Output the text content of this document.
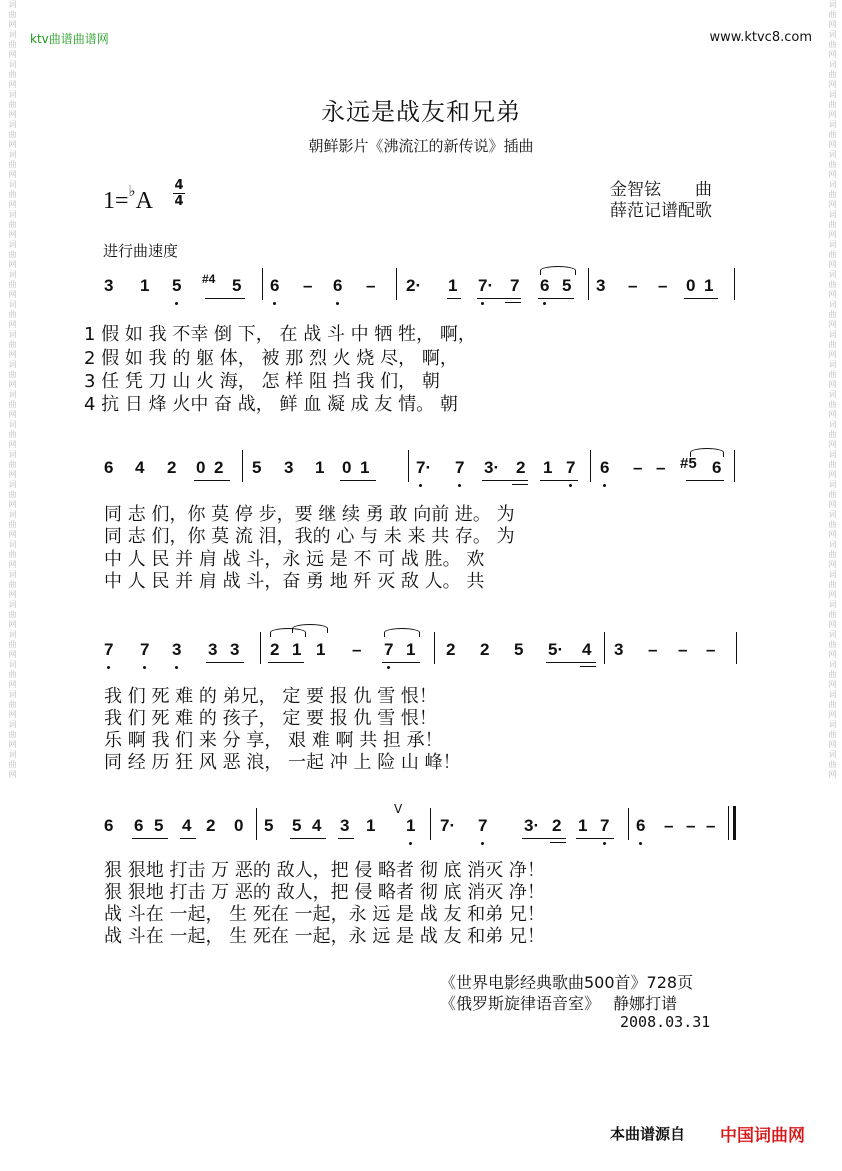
词曲网词曲网词曲网词曲网词曲网词曲网词曲网词曲网词曲网词曲网词曲网词曲网词曲网词曲网词曲网词曲网词曲网词曲网词曲网词曲网词曲网词曲网词曲网词曲网词曲网词曲网	词曲网词曲网词曲网词曲网词曲网词曲网词曲网词曲网词曲网词曲网词曲网词曲网词曲网词曲网词曲网词曲网词曲网词曲网词曲网词曲网词曲网词曲网词曲网词曲网词曲网词曲网
ktv曲谱曲谱网	www.ktvc8.com
永远是战友和兄弟
朝鲜影片《沸流江的新传说》插曲
1=♭A
4
4
金智铉　　曲
薛范记谱配歌
进行曲速度
3 1 5 #4 5 6 – 6 – 2· 1 7· 7 6 5 3 – – 0 1
1 假 如 我 不幸 倒 下， 在 战 斗 中 牺 牲， 啊，
2 假 如 我 的 躯 体， 被 那 烈 火 烧 尽， 啊，
3 任 凭 刀 山 火 海， 怎 样 阻 挡 我 们， 朝
4 抗 日 烽 火中 奋 战， 鲜 血 凝 成 友 情。 朝
6 4 2 0 2 5 3 1 0 1	7· 7 3· 2 1 7 6 – – #5 6
同 志 们，你 莫 停 步，要 继 续 勇 敢 向前 进。 为
同 志 们，你 莫 流 泪，我的 心 与 未 来 共 存。 为
中 人 民 并 肩 战 斗，永 远 是 不 可 战 胜。 欢
中 人 民 并 肩 战 斗，奋 勇 地 歼 灭 敌 人。 共
7 7 3 3 3 2 1 1 – 7 1 2 2 5 5· 4 3 – – –
我 们 死 难 的 弟兄， 定 要 报 仇 雪 恨！
我 们 死 难 的 孩子， 定 要 报 仇 雪 恨！
乐 啊 我 们 来 分 享， 艰 难 啊 共 担 承！
同 经 历 狂 风 恶 浪， 一起 冲 上 险 山 峰！
6 6 5 4 2 0 5 5 4 3 1
V
1 7· 7 3· 2 1 7 6 – – –
狠 狠地 打击 万 恶的 敌人，把 侵 略者 彻 底 消灭 净！
狠 狠地 打击 万 恶的 敌人，把 侵 略者 彻 底 消灭 净！
战 斗在 一起， 生 死在 一起，永 远 是 战 友 和弟 兄！
战 斗在 一起， 生 死在 一起，永 远 是 战 友 和弟 兄！
《世界电影经典歌曲500首》728页
《俄罗斯旋律语音室》　 静娜打谱
2008.03.31
本曲谱源自 中国词曲网
